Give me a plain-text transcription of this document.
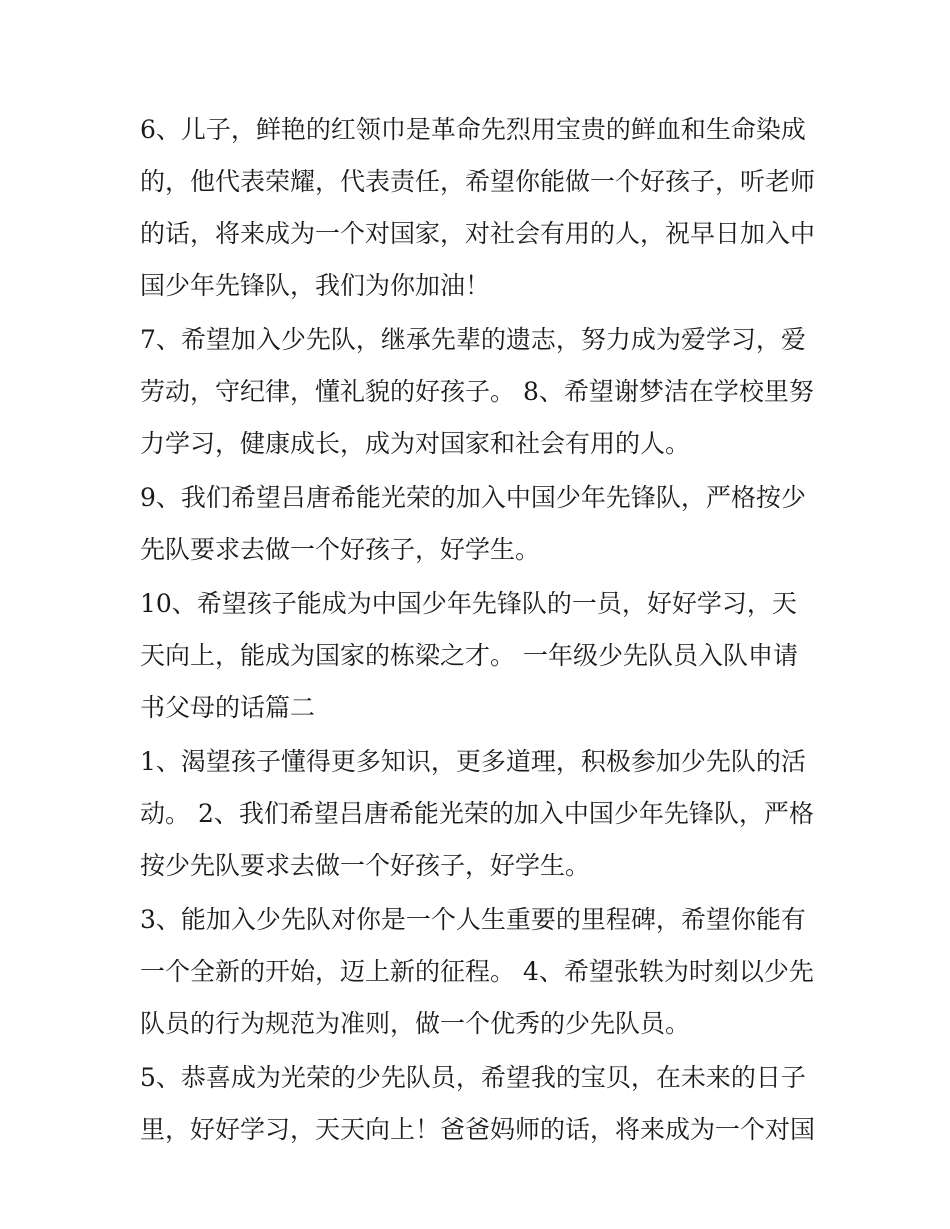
6、儿子，鲜艳的红领巾是革命先烈用宝贵的鲜血和生命染成的，他代表荣耀，代表责任，希望你能做一个好孩子，听老师的话，将来成为一个对国家，对社会有用的人，祝早日加入中国少年先锋队，我们为你加油！

7、希望加入少先队，继承先辈的遗志，努力成为爱学习，爱劳动，守纪律，懂礼貌的好孩子。 8、希望谢梦洁在学校里努力学习，健康成长，成为对国家和社会有用的人。

9、我们希望吕唐希能光荣的加入中国少年先锋队，严格按少先队要求去做一个好孩子，好学生。

10、希望孩子能成为中国少年先锋队的一员，好好学习，天天向上，能成为国家的栋梁之才。 一年级少先队员入队申请书父母的话篇二

1、渴望孩子懂得更多知识，更多道理，积极参加少先队的活动。 2、我们希望吕唐希能光荣的加入中国少年先锋队，严格按少先队要求去做一个好孩子，好学生。

3、能加入少先队对你是一个人生重要的里程碑，希望你能有一个全新的开始，迈上新的征程。 4、希望张轶为时刻以少先队员的行为规范为准则，做一个优秀的少先队员。

5、恭喜成为光荣的少先队员，希望我的宝贝，在未来的日子里，好好学习，天天向上！爸爸妈师的话，将来成为一个对国
